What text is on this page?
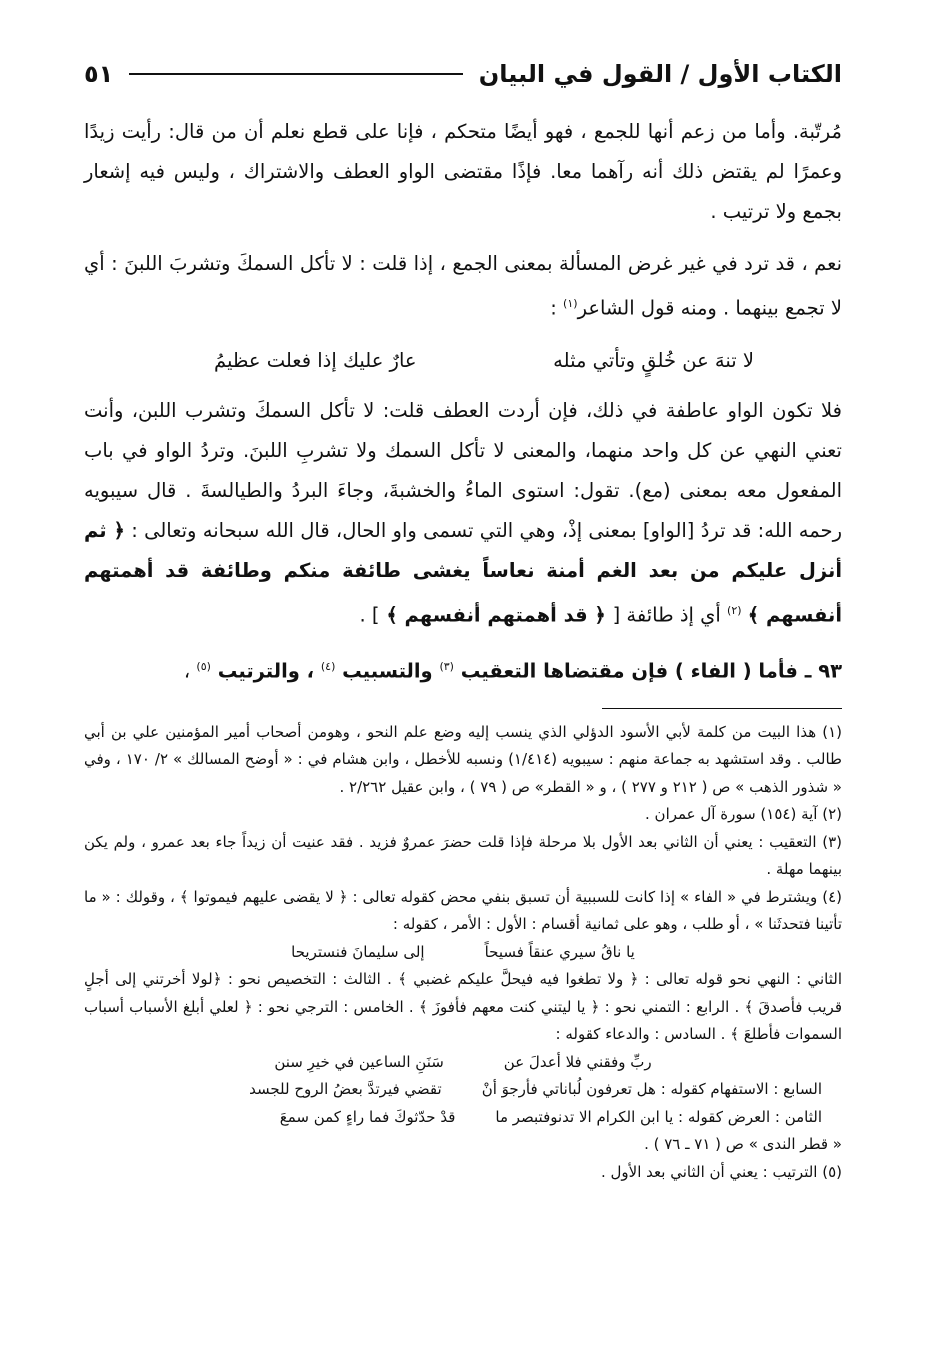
الكتاب الأول / القول في البيان
٥١

مُرتّبة. وأما من زعم أنها للجمع ، فهو أيضًا متحكم ، فإنا على قطع نعلم أن من قال: رأيت زيدًا وعمرًا لم يقتض ذلك أنه رآهما معا. فإذًا مقتضى الواو العطف والاشتراك ، وليس فيه إشعار بجمع ولا ترتيب .

نعم ، قد ترد في غير غرض المسألة بمعنى الجمع ، إذا قلت : لا تأكل السمكَ وتشربَ اللبنَ : أي لا تجمع بينهما . ومنه قول الشاعر$^{(١)}$ :

لا تنهَ عن خُلقٍ وتأتي مثله
عارٌ عليك إذا فعلت عظيمُ

فلا تكون الواو عاطفة في ذلك، فإن أردت العطف قلت: لا تأكل السمكَ وتشرب اللبن، وأنت تعني النهي عن كل واحد منهما، والمعنى لا تأكل السمك ولا تشربِ اللبنَ. وتردُ الواو في باب المفعول معه بمعنى (مع). تقول: استوى الماءُ والخشبةَ، وجاءَ البردُ والطيالسةَ . قال سيبويه رحمه الله: قد تردُ [الواو] بمعنى إذْ، وهي التي تسمى واو الحال، قال الله سبحانه وتعالى : ﴿ ثم أنزل عليكم من بعد الغم أمنة نعاساً يغشى طائفة منكم وطائفة قد أهمتهم أنفسهم ﴾ $^{(٢)}$ أي إذ طائفة [ ﴿ قد أهمتهم أنفسهم ﴾ ] .

٩٣ ـ فأما ( الفاء ) فإن مقتضاها التعقيب $^{(٣)}$ والتسبيب $^{(٤)}$ ، والترتيب $^{(٥)}$ ،

(١) هذا البيت من كلمة لأبي الأسود الدؤلي الذي ينسب إليه وضع علم النحو ، وهومن أصحاب أمير المؤمنين علي بن أبي طالب . وقد استشهد به جماعة منهم : سيبويه (١/٤١٤) ونسبه للأخطل ، وابن هشام في : « أوضح المسالك » ٢/ ١٧٠ ، وفي « شذور الذهب » ص ( ٢١٢ و ٢٧٧ ) ، و « القطر» ص ( ٧٩ ) ، وابن عقيل ٢/٢٦٢ .

(٢) آية (١٥٤) سورة آل عمران .

(٣) التعقيب : يعني أن الثاني بعد الأول بلا مرحلة فإذا قلت حضرَ عمروٌ فزيد . فقد عنيت أن زيداً جاء بعد عمرو ، ولم يكن بينهما مهلة .

(٤) ويشترط في « الفاء » إذا كانت للسببية أن تسبق بنفي محض كقوله تعالى : ﴿ لا يقضى عليهم فيموتوا ﴾ ، وقولك : « ما تأتينا فتحدثَنا » ، أو طلب ، وهو على ثمانية أقسام : الأول : الأمر ، كقوله :

يا ناقُ سيري عنقاً فسيحاً
إلى سليمانَ فنستريحا

الثاني : النهي نحو قوله تعالى : ﴿ ولا تطغوا فيه فيحلَّ عليكم غضبي ﴾ . الثالث : التخصيص نحو : ﴿لولا أخرتني إلى أجلٍ قريب فأصدقَ ﴾ . الرابع : التمني نحو : ﴿ يا ليتني كنت معهم فأفوزَ ﴾ . الخامس : الترجي نحو : ﴿ لعلي أبلغ الأسباب أسباب السموات فأطلعَ ﴾ . السادس : والدعاء كقوله :

ربِّ وفقني فلا أعدلَ عن
سَنَنِ الساعين في خيرِ سنن
السابع : الاستفهام كقوله : هل تعرفون لُباناتي فأرجوَ أنْ
تقضي فيرتدَّ بعضُ الروح للجسد
الثامن : العرض كقوله : يا ابن الكرام الا تدنوفتبصر ما
قدْ حدّثوكَ فما راءٍ كمن سمعَ

« قطر الندى » ص ( ٧١ ـ ٧٦ ) .

(٥) الترتيب : يعني أن الثاني بعد الأول .
